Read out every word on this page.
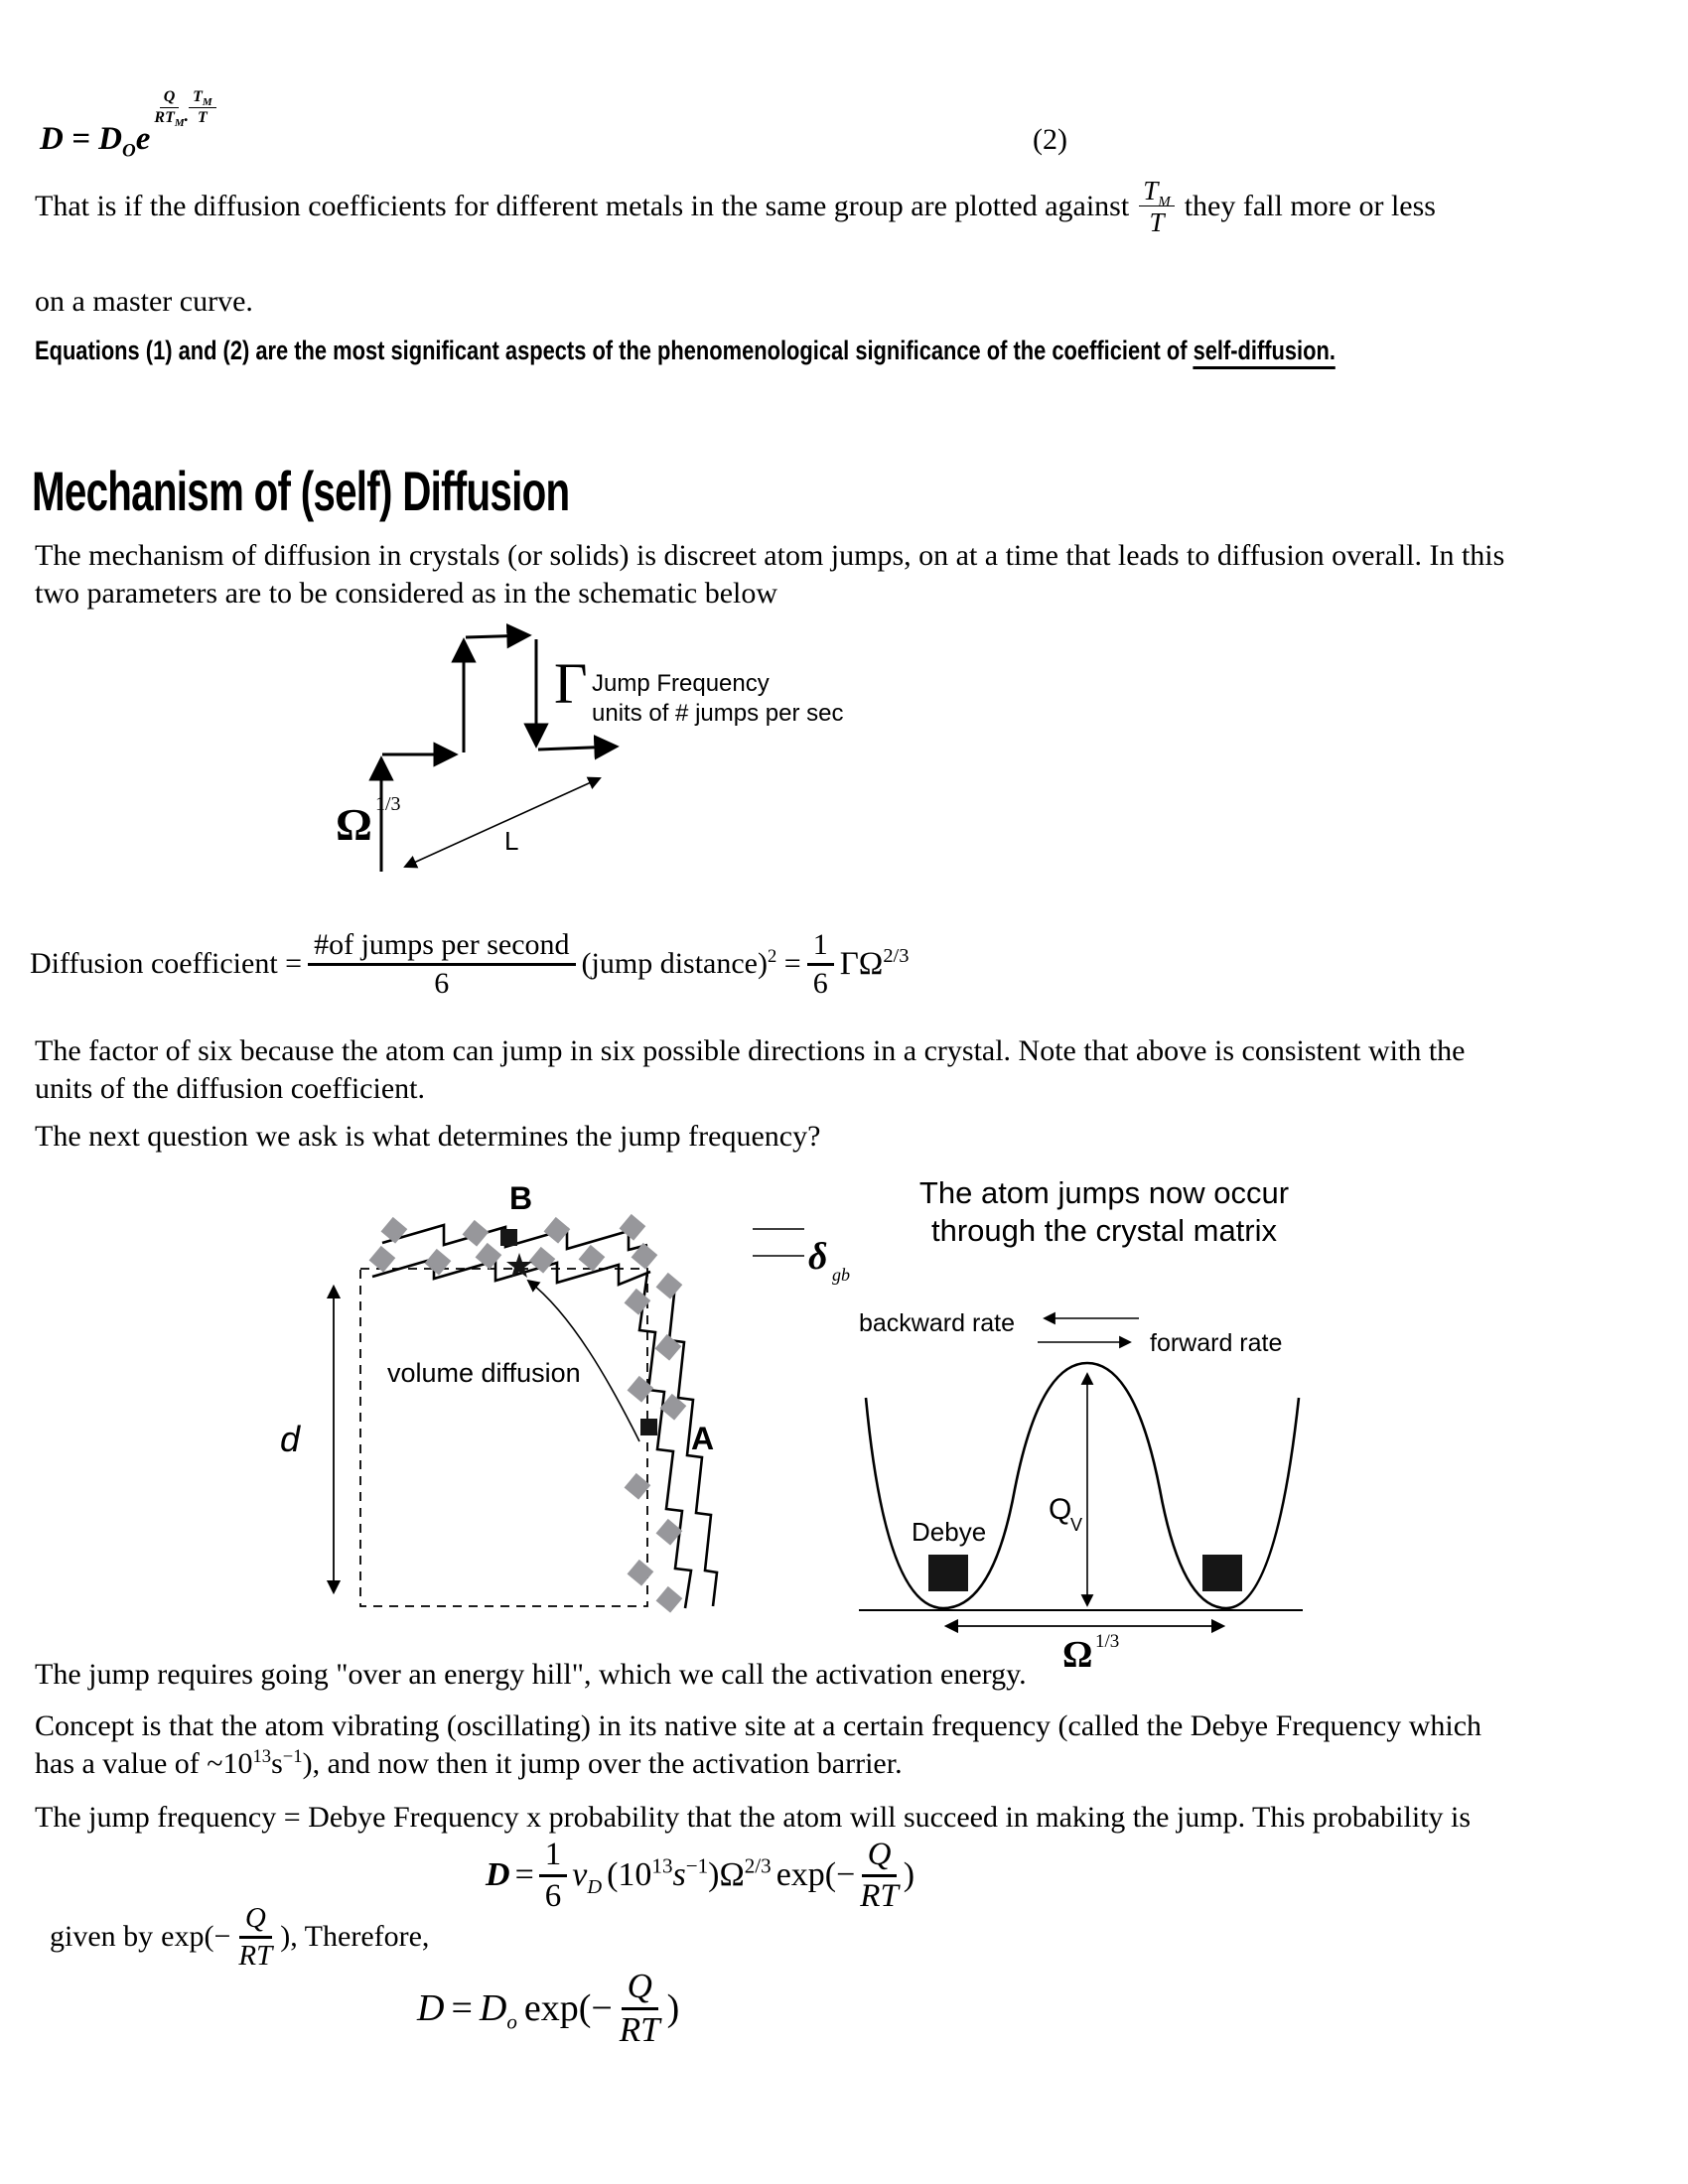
$D = D_Oe$
$\frac{Q}{RT_M}$ . $\frac{T_M}{T}$
(2)
That is if the diffusion coefficients for different metals in the same group are plotted against $\frac{T_M}{T}$ they fall more or less
on a master curve.
Equations (1) and (2) are the most significant aspects of the phenomenological significance of the coefficient of self-diffusion.
Mechanism of (self) Diffusion
The mechanism of diffusion in crystals (or solids) is discreet atom jumps, on at a time that leads to diffusion overall. In this
two parameters are to be considered as in the schematic below
Γ Jump Frequency
units of # jumps per sec
Ω 1/3
L
Diffusion coefficient = $\frac{\text{\#of jumps per second}}{6}$ (jump distance)$^2$ = $\frac{1}{6} \Gamma\Omega^{2/3}$
The factor of six because the atom can jump in six possible directions in a crystal. Note that above is consistent with the
units of the diffusion coefficient.
The next question we ask is what determines the jump frequency?
d
δ gb
B
A
volume diffusion
The atom jumps now occur
through the crystal matrix
backward rate
forward rate
Q
V
Debye
Ω 1/3
The jump requires going "over an energy hill", which we call the activation energy.
Concept is that the atom vibrating (oscillating) in its native site at a certain frequency (called the Debye Frequency which
has a value of $\sim 10^{13}s^{-1}$), and now then it jump over the activation barrier.
The jump frequency = Debye Frequency x probability that the atom will succeed in making the jump. This probability is
$D = \frac{1}{6} \nu_D$ $(10^{13}s^{-1})\Omega^{2/3}$ $\exp(- \frac{Q}{RT}$ )
given by $\exp(- \frac{Q}{RT}$ ), Therefore,
$D = D_o$ $\exp(- \frac{Q}{RT}$ )
